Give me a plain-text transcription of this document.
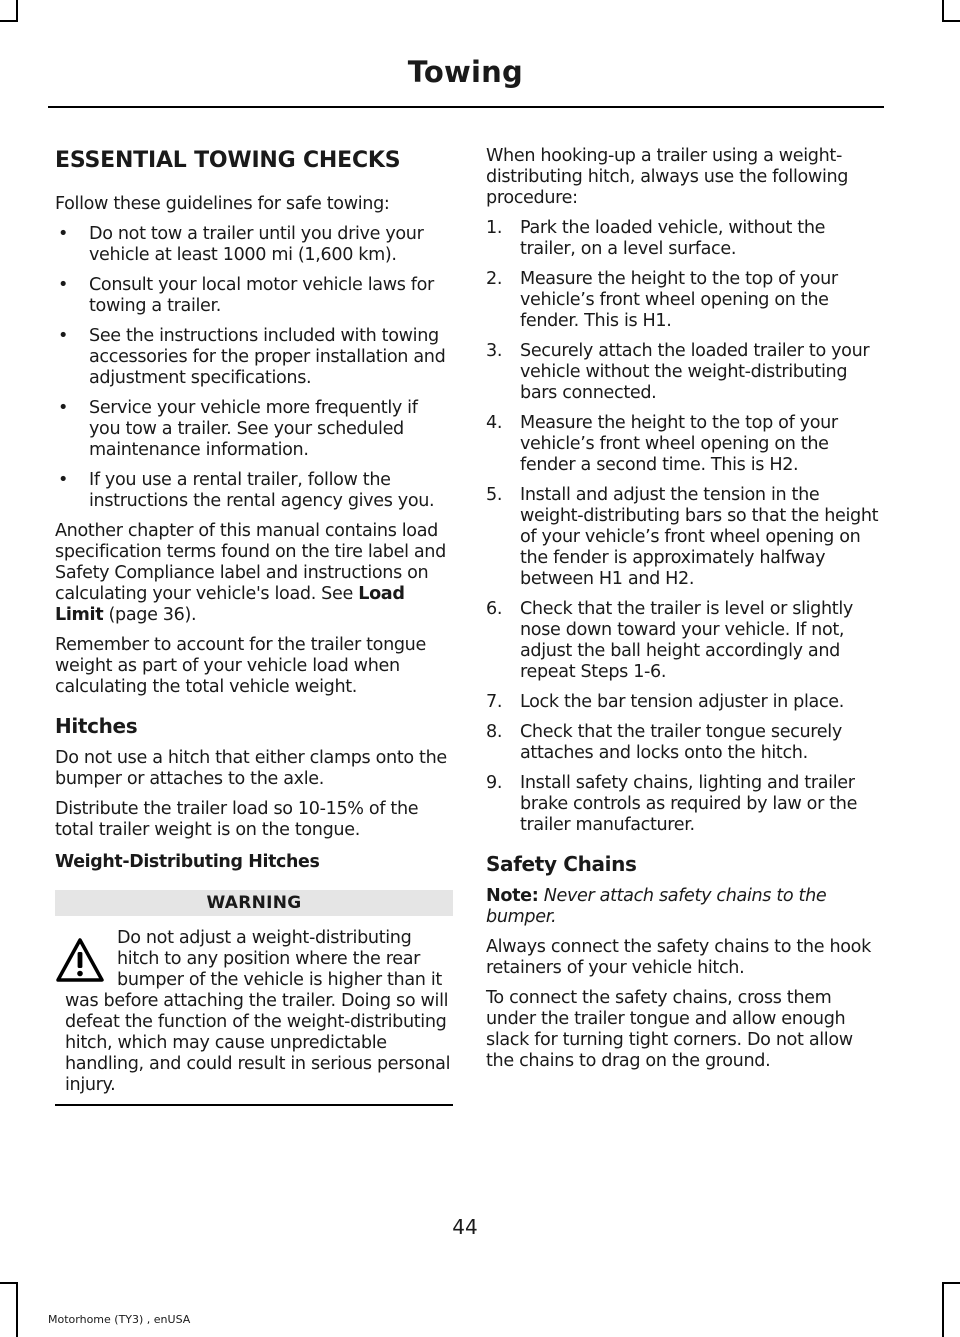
Towing
ESSENTIAL TOWING CHECKS

Follow these guidelines for safe towing:

• Do not tow a trailer until you drive your vehicle at least 1000 mi (1,600 km).
• Consult your local motor vehicle laws for towing a trailer.
• See the instructions included with towing accessories for the proper installation and adjustment specifications.
• Service your vehicle more frequently if you tow a trailer. See your scheduled maintenance information.
• If you use a rental trailer, follow the instructions the rental agency gives you.

Another chapter of this manual contains load specification terms found on the tire label and Safety Compliance label and instructions on calculating your vehicle's load. See Load Limit (page 36).

Remember to account for the trailer tongue weight as part of your vehicle load when calculating the total vehicle weight.

Hitches

Do not use a hitch that either clamps onto the bumper or attaches to the axle.

Distribute the trailer load so 10-15% of the total trailer weight is on the tongue.

Weight-Distributing Hitches
WARNING

Do not adjust a weight-distributing hitch to any position where the rear bumper of the vehicle is higher than it was before attaching the trailer. Doing so will defeat the function of the weight-distributing hitch, which may cause unpredictable handling, and could result in serious personal injury.

When hooking-up a trailer using a weight-distributing hitch, always use the following procedure:

1. Park the loaded vehicle, without the trailer, on a level surface.
2. Measure the height to the top of your vehicle’s front wheel opening on the fender. This is H1.
3. Securely attach the loaded trailer to your vehicle without the weight-distributing bars connected.
4. Measure the height to the top of your vehicle’s front wheel opening on the fender a second time. This is H2.
5. Install and adjust the tension in the weight-distributing bars so that the height of your vehicle’s front wheel opening on the fender is approximately halfway between H1 and H2.
6. Check that the trailer is level or slightly nose down toward your vehicle. If not, adjust the ball height accordingly and repeat Steps 1-6.
7. Lock the bar tension adjuster in place.
8. Check that the trailer tongue securely attaches and locks onto the hitch.
9. Install safety chains, lighting and trailer brake controls as required by law or the trailer manufacturer.
Safety Chains

Note: Never attach safety chains to the bumper.

Always connect the safety chains to the hook retainers of your vehicle hitch.

To connect the safety chains, cross them under the trailer tongue and allow enough slack for turning tight corners. Do not allow the chains to drag on the ground.

44

Motorhome (TY3) , enUSA
